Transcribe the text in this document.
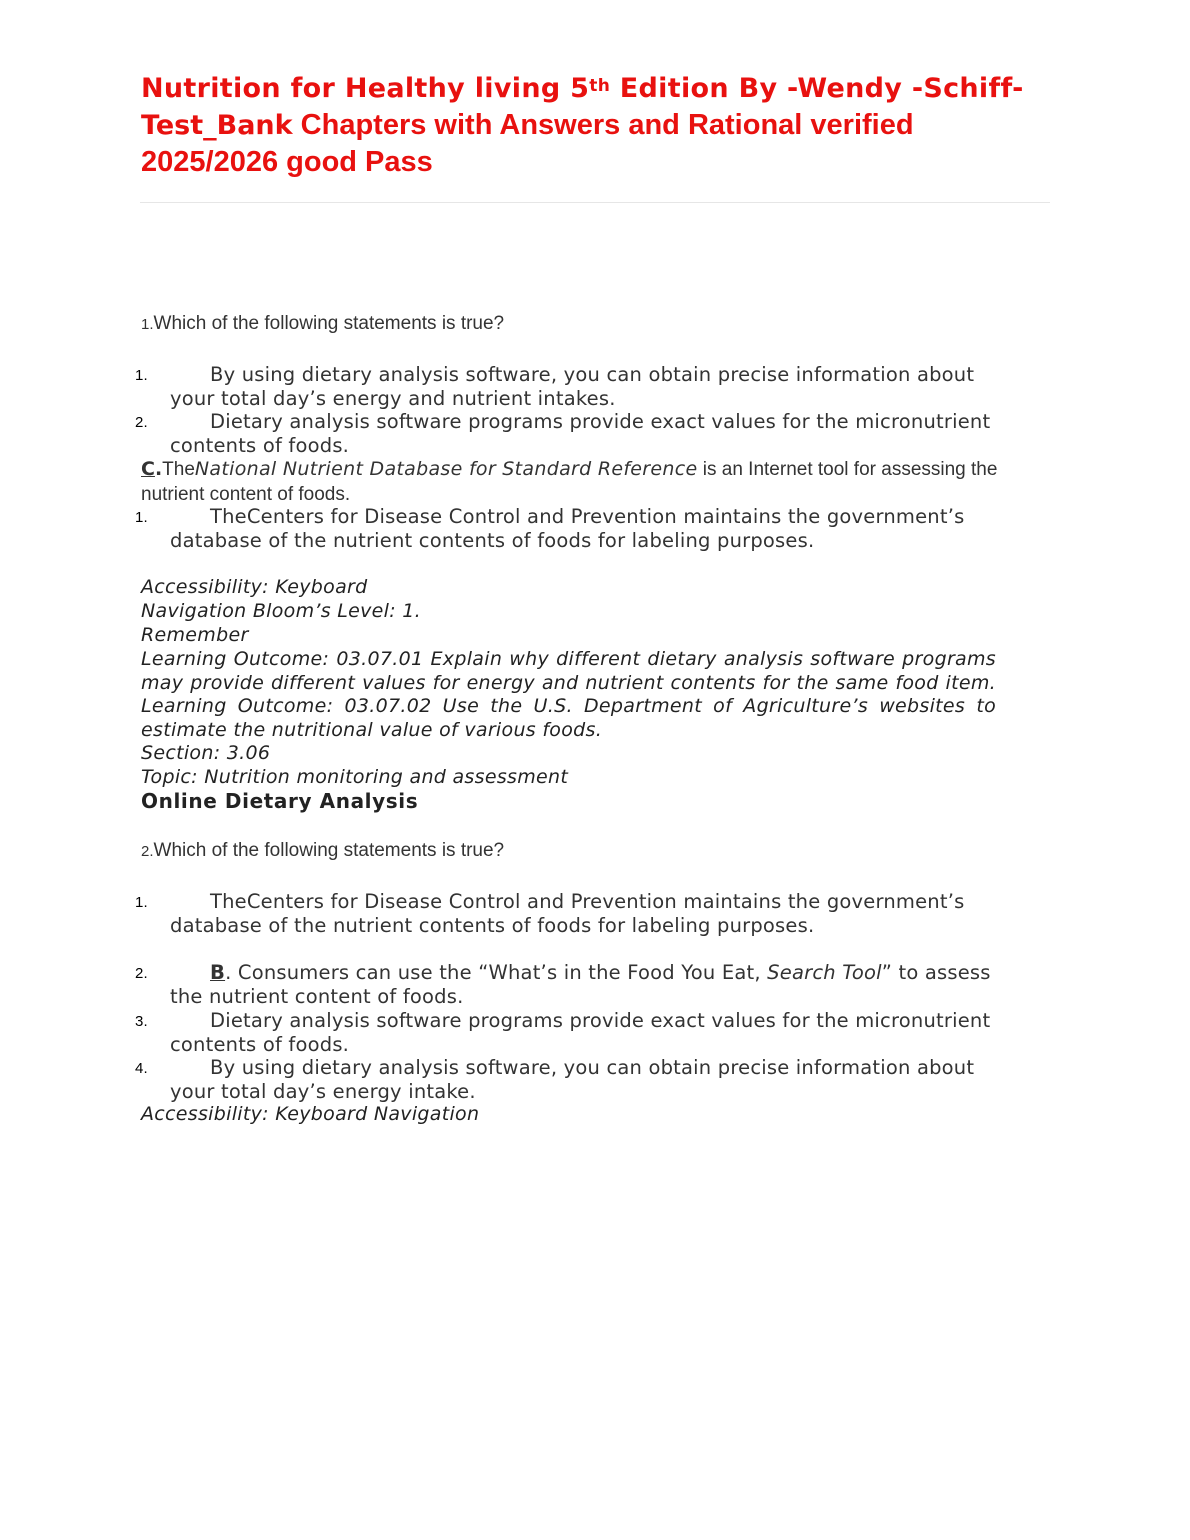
Nutrition for Healthy living 5th Edition By -Wendy -Schiff-
Test_Bank Chapters with Answers and Rational verified
2025/2026 good Pass
1.Which of the following statements is true?
1.	By using dietary analysis software, you can obtain precise information about your total day’s energy and nutrient intakes.
2.	Dietary analysis software programs provide exact values for the micronutrient contents of foods.
C.TheNational Nutrient Database for Standard Reference is an Internet tool for assessing the nutrient content of foods.
1.	TheCenters for Disease Control and Prevention maintains the government’s database of the nutrient contents of foods for labeling purposes.
Accessibility: Keyboard
Navigation Bloom’s Level: 1.
Remember
Learning Outcome: 03.07.01 Explain why different dietary analysis software programs may provide different values for energy and nutrient contents for the same food item. Learning Outcome: 03.07.02 Use the U.S. Department of Agriculture’s websites to estimate the nutritional value of various foods.
Section: 3.06
Topic: Nutrition monitoring and assessment
Online Dietary Analysis
2.Which of the following statements is true?
1.	TheCenters for Disease Control and Prevention maintains the government’s database of the nutrient contents of foods for labeling purposes.
2.	B. Consumers can use the “What’s in the Food You Eat, Search Tool” to assess the nutrient content of foods.
3.	Dietary analysis software programs provide exact values for the micronutrient contents of foods.
4.	By using dietary analysis software, you can obtain precise information about your total day’s energy intake.
Accessibility: Keyboard Navigation
